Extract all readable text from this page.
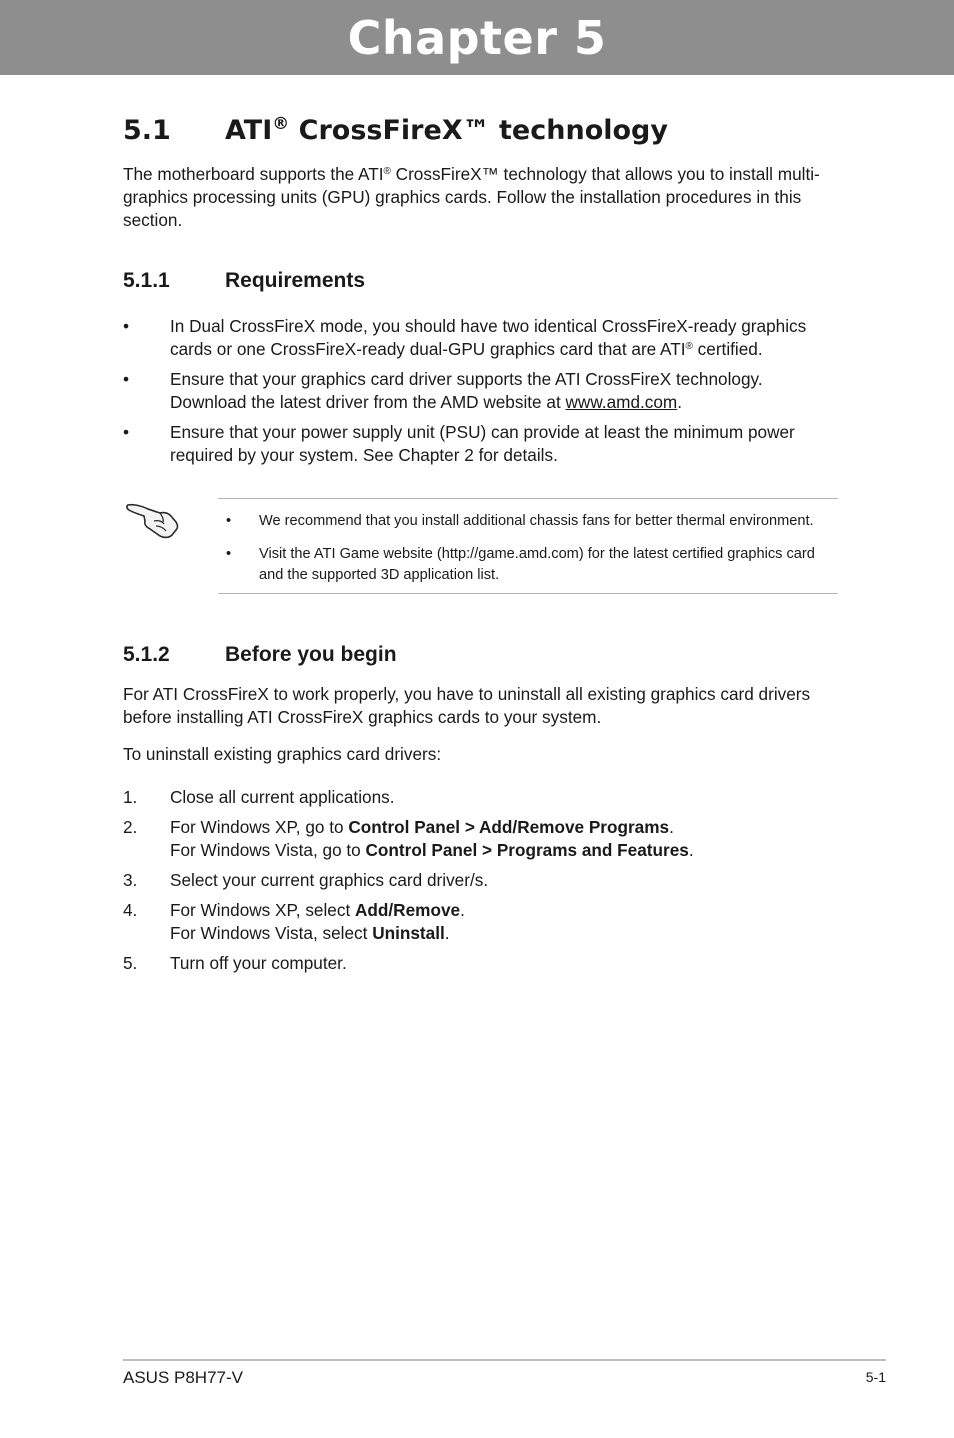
Chapter 5
5.1 ATI® CrossFireX™ technology

The motherboard supports the ATI® CrossFireX™ technology that allows you to install multi-graphics processing units (GPU) graphics cards. Follow the installation procedures in this section.

5.1.1	Requirements
• In Dual CrossFireX mode, you should have two identical CrossFireX-ready graphics cards or one CrossFireX-ready dual-GPU graphics card that are ATI® certified.
• Ensure that your graphics card driver supports the ATI CrossFireX technology. Download the latest driver from the AMD website at www.amd.com.
• Ensure that your power supply unit (PSU) can provide at least the minimum power required by your system. See Chapter 2 for details.
• We recommend that you install additional chassis fans for better thermal environment.
• Visit the ATI Game website (http://game.amd.com) for the latest certified graphics card and the supported 3D application list.
5.1.2	Before you begin

For ATI CrossFireX to work properly, you have to uninstall all existing graphics card drivers before installing ATI CrossFireX graphics cards to your system.

To uninstall existing graphics card drivers:

1. Close all current applications.
2. For Windows XP, go to Control Panel > Add/Remove Programs.
For Windows Vista, go to Control Panel > Programs and Features.
3. Select your current graphics card driver/s.
4. For Windows XP, select Add/Remove.
For Windows Vista, select Uninstall.
5. Turn off your computer.
ASUS P8H77-V	5-1
